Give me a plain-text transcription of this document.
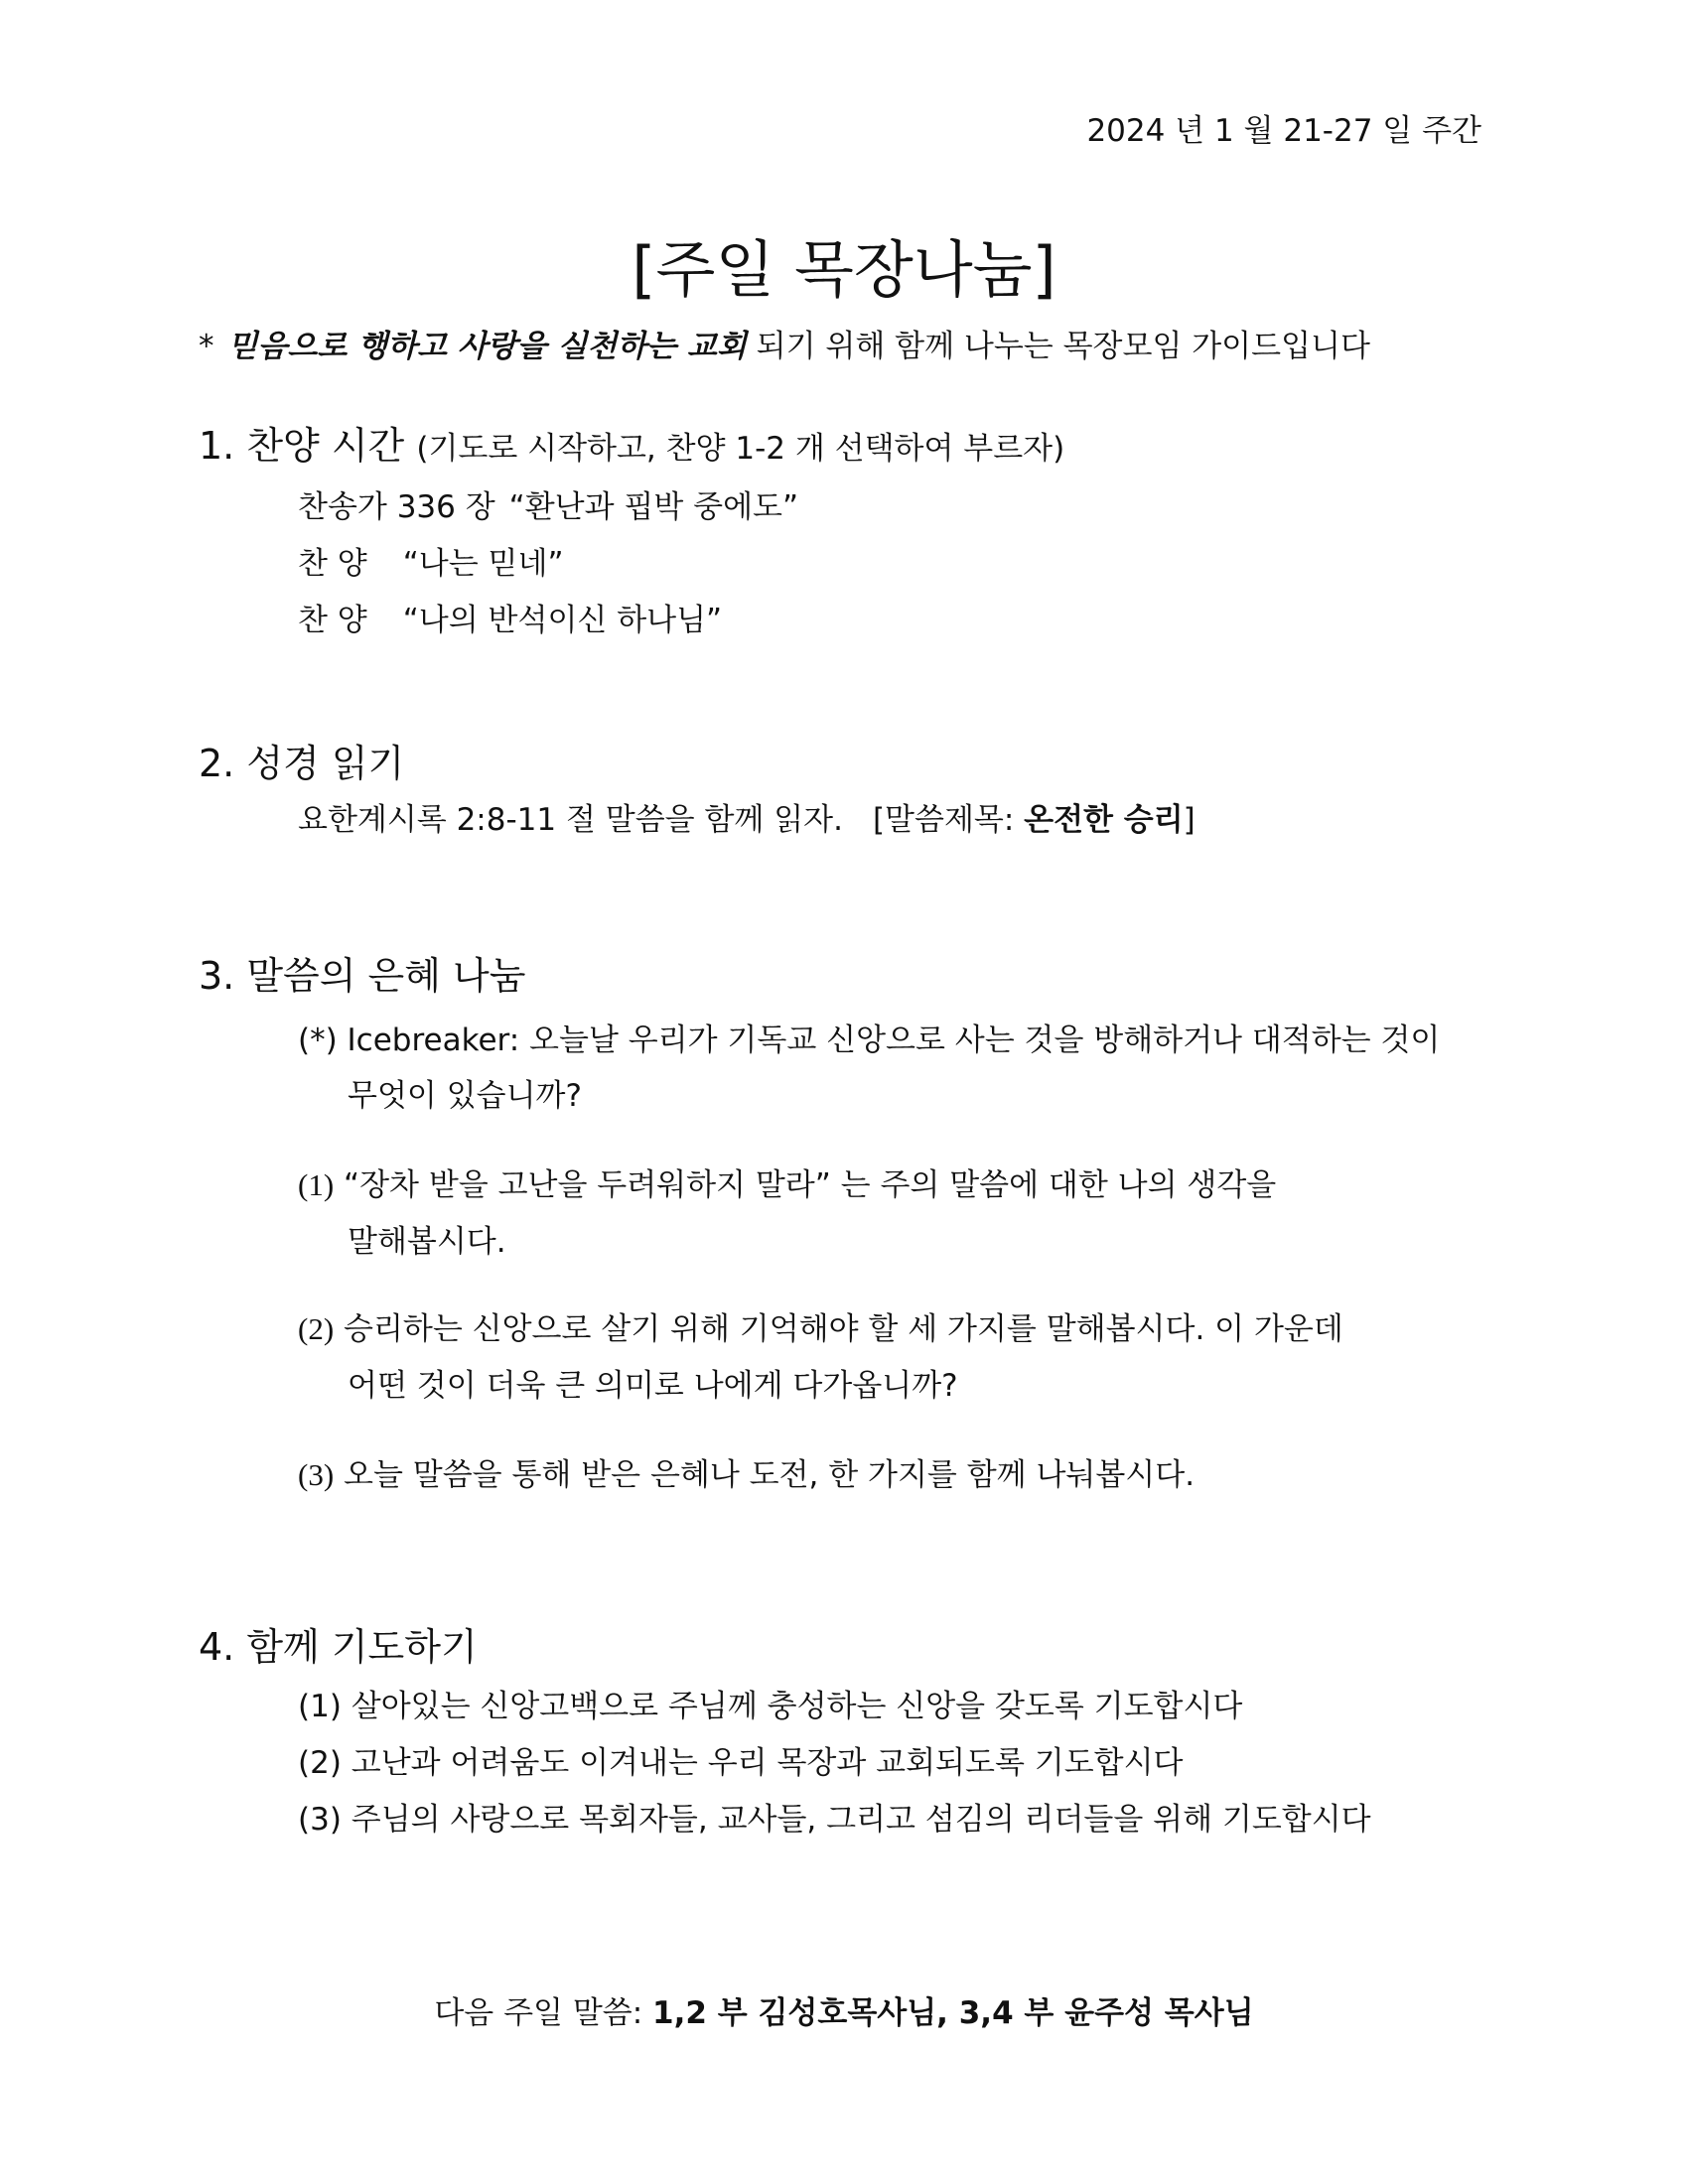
2024 년 1 월 21-27 일 주간
[주일 목장나눔]
* 믿음으로 행하고 사랑을 실천하는 교회 되기 위해 함께 나누는 목장모임 가이드입니다
1. 찬양 시간 (기도로 시작하고, 찬양 1-2 개 선택하여 부르자)
찬송가 336 장 “환난과 핍박 중에도”
찬 양 “나는 믿네”
찬 양 “나의 반석이신 하나님”
2. 성경 읽기
요한계시록 2:8-11 절 말씀을 함께 읽자. [말씀제목: 온전한 승리]
3. 말씀의 은혜 나눔
(*) Icebreaker: 오늘날 우리가 기독교 신앙으로 사는 것을 방해하거나 대적하는 것이
무엇이 있습니까?
(1) “장차 받을 고난을 두려워하지 말라” 는 주의 말씀에 대한 나의 생각을
말해봅시다.
(2) 승리하는 신앙으로 살기 위해 기억해야 할 세 가지를 말해봅시다. 이 가운데
어떤 것이 더욱 큰 의미로 나에게 다가옵니까?
(3) 오늘 말씀을 통해 받은 은혜나 도전, 한 가지를 함께 나눠봅시다.
4. 함께 기도하기
(1) 살아있는 신앙고백으로 주님께 충성하는 신앙을 갖도록 기도합시다
(2) 고난과 어려움도 이겨내는 우리 목장과 교회되도록 기도합시다
(3) 주님의 사랑으로 목회자들, 교사들, 그리고 섬김의 리더들을 위해 기도합시다
다음 주일 말씀: 1,2 부 김성호목사님, 3,4 부 윤주성 목사님
